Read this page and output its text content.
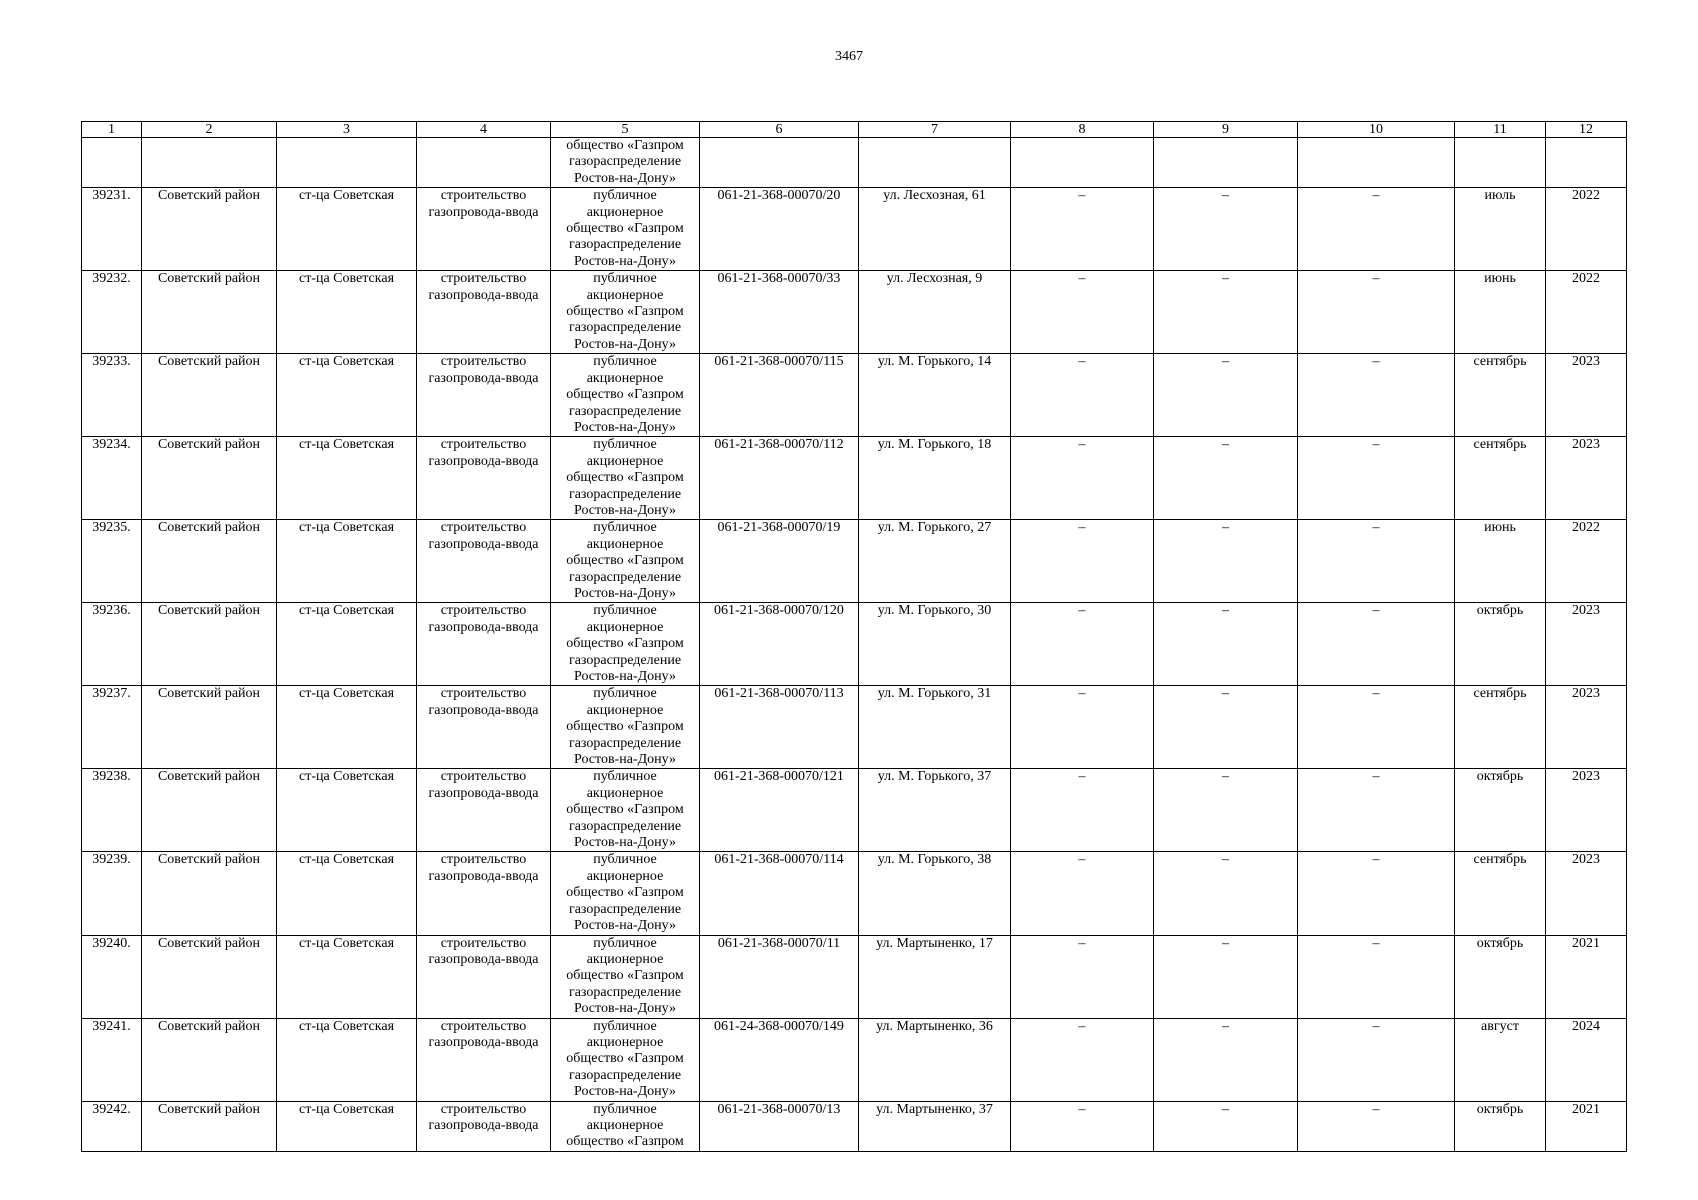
3467
1	2	3	4	5	6	7	8	9	10	11	12
				общество «Газпром
газораспределение
Ростов-на-Дону»							
39231.	Советский район	ст-ца Советская	строительство
газопровода-ввода	публичное
акционерное
общество «Газпром
газораспределение
Ростов-на-Дону»	061-21-368-00070/20	ул. Лесхозная, 61	–	–	–	июль	2022
39232.	Советский район	ст-ца Советская	строительство
газопровода-ввода	публичное
акционерное
общество «Газпром
газораспределение
Ростов-на-Дону»	061-21-368-00070/33	ул. Лесхозная, 9	–	–	–	июнь	2022
39233.	Советский район	ст-ца Советская	строительство
газопровода-ввода	публичное
акционерное
общество «Газпром
газораспределение
Ростов-на-Дону»	061-21-368-00070/115	ул. М. Горького, 14	–	–	–	сентябрь	2023
39234.	Советский район	ст-ца Советская	строительство
газопровода-ввода	публичное
акционерное
общество «Газпром
газораспределение
Ростов-на-Дону»	061-21-368-00070/112	ул. М. Горького, 18	–	–	–	сентябрь	2023
39235.	Советский район	ст-ца Советская	строительство
газопровода-ввода	публичное
акционерное
общество «Газпром
газораспределение
Ростов-на-Дону»	061-21-368-00070/19	ул. М. Горького, 27	–	–	–	июнь	2022
39236.	Советский район	ст-ца Советская	строительство
газопровода-ввода	публичное
акционерное
общество «Газпром
газораспределение
Ростов-на-Дону»	061-21-368-00070/120	ул. М. Горького, 30	–	–	–	октябрь	2023
39237.	Советский район	ст-ца Советская	строительство
газопровода-ввода	публичное
акционерное
общество «Газпром
газораспределение
Ростов-на-Дону»	061-21-368-00070/113	ул. М. Горького, 31	–	–	–	сентябрь	2023
39238.	Советский район	ст-ца Советская	строительство
газопровода-ввода	публичное
акционерное
общество «Газпром
газораспределение
Ростов-на-Дону»	061-21-368-00070/121	ул. М. Горького, 37	–	–	–	октябрь	2023
39239.	Советский район	ст-ца Советская	строительство
газопровода-ввода	публичное
акционерное
общество «Газпром
газораспределение
Ростов-на-Дону»	061-21-368-00070/114	ул. М. Горького, 38	–	–	–	сентябрь	2023
39240.	Советский район	ст-ца Советская	строительство
газопровода-ввода	публичное
акционерное
общество «Газпром
газораспределение
Ростов-на-Дону»	061-21-368-00070/11	ул. Мартыненко, 17	–	–	–	октябрь	2021
39241.	Советский район	ст-ца Советская	строительство
газопровода-ввода	публичное
акционерное
общество «Газпром
газораспределение
Ростов-на-Дону»	061-24-368-00070/149	ул. Мартыненко, 36	–	–	–	август	2024
39242.	Советский район	ст-ца Советская	строительство
газопровода-ввода	публичное
акционерное
общество «Газпром	061-21-368-00070/13	ул. Мартыненко, 37	–	–	–	октябрь	2021
